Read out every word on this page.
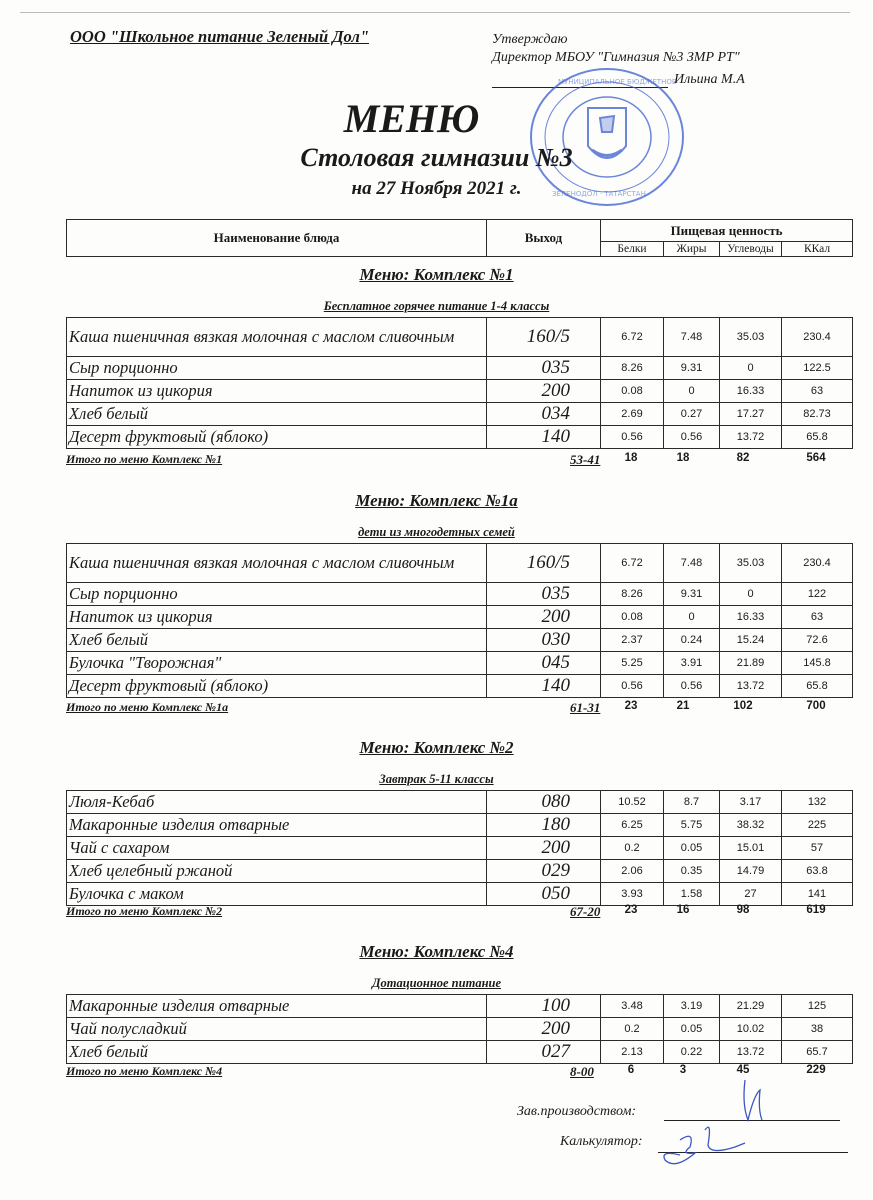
ООО "Школьное питание Зеленый Дол"	Утверждаю
Директор МБОУ "Гимназия №3 ЗМР РТ"
Ильина М.А
МУНИЦИПАЛЬНОЕ БЮДЖЕТНОЕ
ЗЕЛЕНОДОЛ · ТАТАРСТАН
МЕНЮ
Столовая гимназии №3
на 27 Ноября 2021 г.
Наименование блюда	Выход	Пищевая ценность			
		Белки	Жиры	Углеводы	ККал
Меню: Комплекс №1
Бесплатное горячее питание 1-4 классы
Каша пшеничная вязкая молочная с маслом сливочным	160/5	6.72	7.48	35.03	230.4
Сыр порционно	035	8.26	9.31	0	122.5
Напиток из цикория	200	0.08	0	16.33	63
Хлеб белый	034	2.69	0.27	17.27	82.73
Десерт фруктовый (яблоко)	140	0.56	0.56	13.72	65.8
Итого по меню Комплекс №1	53-41	18	18	82	564
Меню: Комплекс №1а
дети из многодетных семей
Каша пшеничная вязкая молочная с маслом сливочным	160/5	6.72	7.48	35.03	230.4
Сыр порционно	035	8.26	9.31	0	122
Напиток из цикория	200	0.08	0	16.33	63
Хлеб белый	030	2.37	0.24	15.24	72.6
Булочка "Творожная"	045	5.25	3.91	21.89	145.8
Десерт фруктовый (яблоко)	140	0.56	0.56	13.72	65.8
Итого по меню Комплекс №1а	61-31	23	21	102	700
Меню: Комплекс №2
Завтрак 5-11 классы
Люля-Кебаб	080	10.52	8.7	3.17	132
Макаронные изделия отварные	180	6.25	5.75	38.32	225
Чай с сахаром	200	0.2	0.05	15.01	57
Хлеб целебный ржаной	029	2.06	0.35	14.79	63.8
Булочка с маком	050	3.93	1.58	27	141
Итого по меню Комплекс №2	67-20	23	16	98	619
Меню: Комплекс №4
Дотационное питание
Макаронные изделия отварные	100	3.48	3.19	21.29	125
Чай полусладкий	200	0.2	0.05	10.02	38
Хлеб белый	027	2.13	0.22	13.72	65.7
Итого по меню Комплекс №4	8-00	6	3	45	229
Зав.производством:
Калькулятор:
